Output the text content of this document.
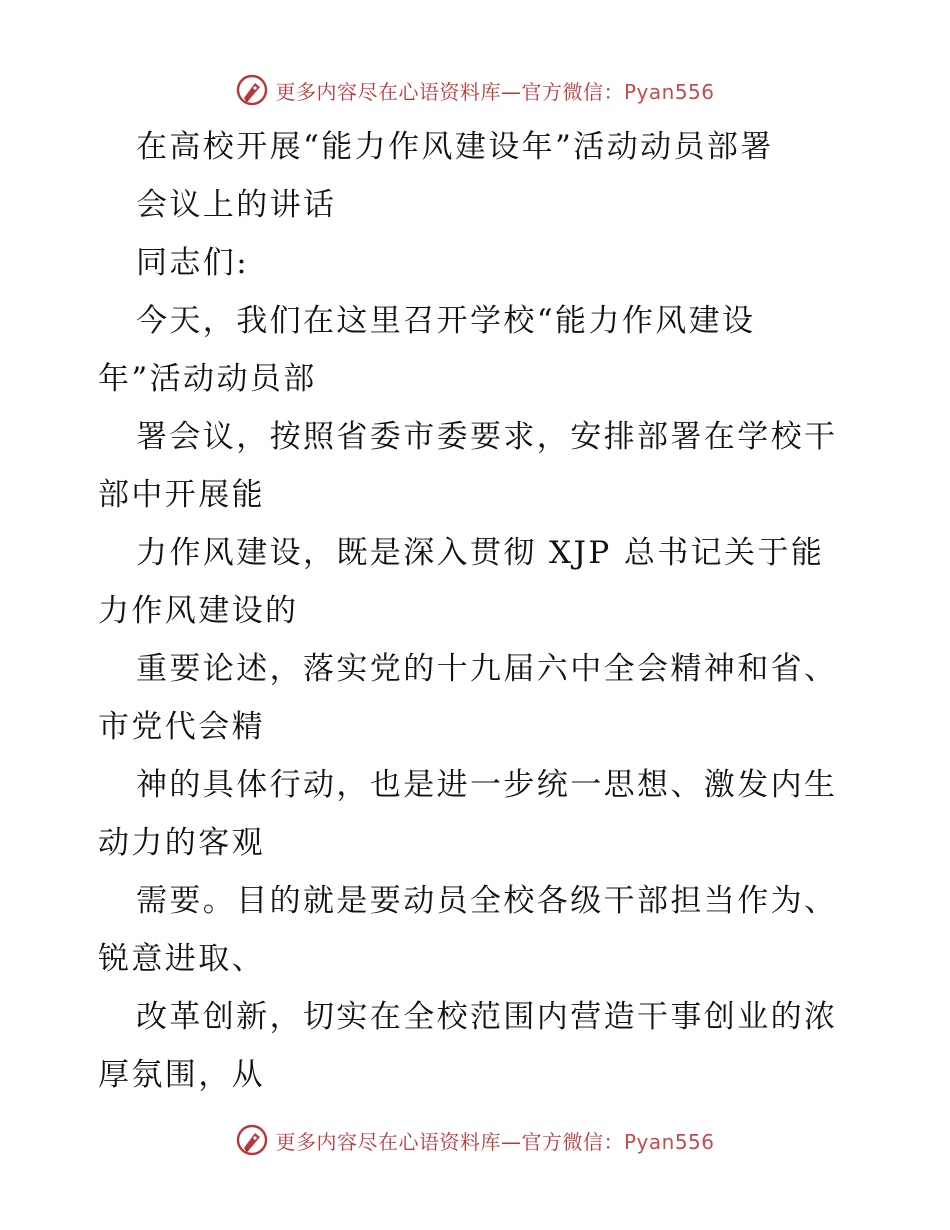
更多内容尽在心语资料库—官方微信：Pyan556
在高校开展“能力作风建设年”活动动员部署
会议上的讲话
同志们:
今天，我们在这里召开学校“能力作风建设
年”活动动员部
署会议，按照省委市委要求，安排部署在学校干
部中开展能
力作风建设，既是深入贯彻 XJP 总书记关于能
力作风建设的
重要论述，落实党的十九届六中全会精神和省、
市党代会精
神的具体行动，也是进一步统一思想、激发内生
动力的客观
需要。目的就是要动员全校各级干部担当作为、
锐意进取、
改革创新，切实在全校范围内营造干事创业的浓
厚氛围，从
更多内容尽在心语资料库—官方微信：Pyan556
